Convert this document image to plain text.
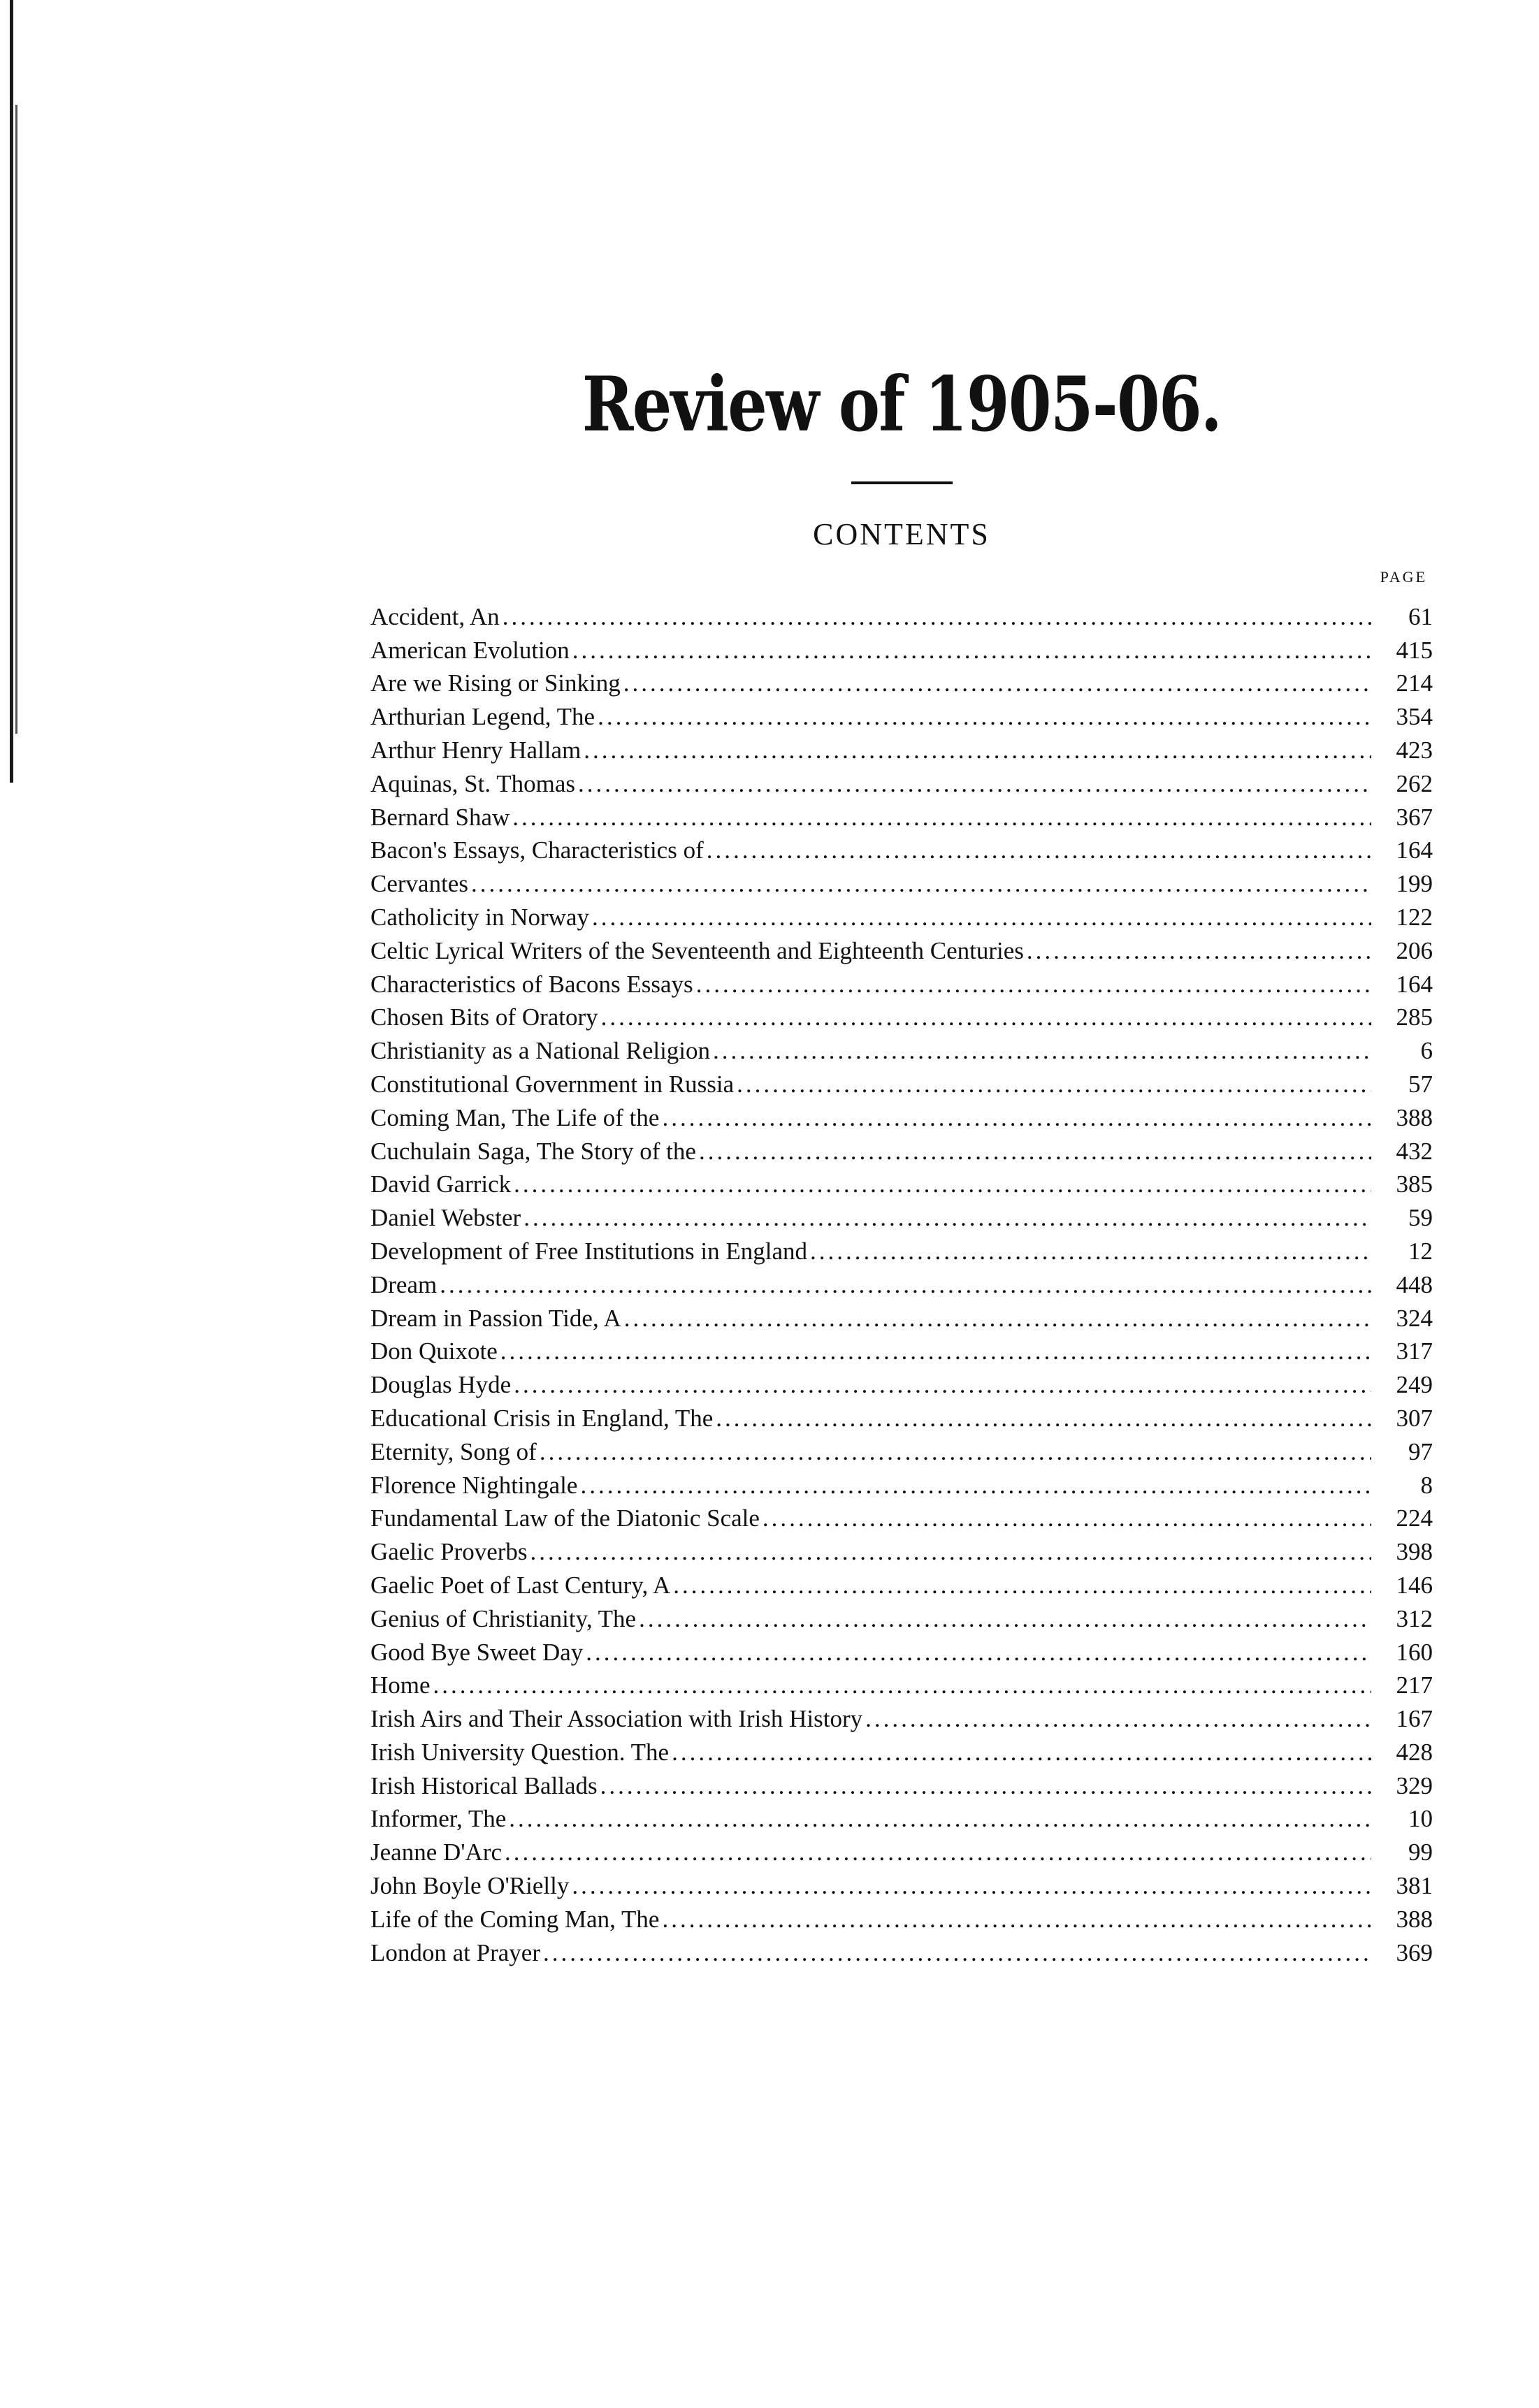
Review of 1905-06.
CONTENTS
PAGE
Accident, An .....	61
American Evolution .....	415
Are we Rising or Sinking .....	214
Arthurian Legend, The .....	354
Arthur Henry Hallam .....	423
Aquinas, St. Thomas .....	262
Bernard Shaw .....	367
Bacon's Essays, Characteristics of .....	164
Cervantes .....	199
Catholicity in Norway .....	122
Celtic Lyrical Writers of the Seventeenth and Eighteenth Centuries .....	206
Characteristics of Bacons Essays .....	164
Chosen Bits of Oratory .....	285
Christianity as a National Religion .....	6
Constitutional Government in Russia .....	57
Coming Man, The Life of the .....	388
Cuchulain Saga, The Story of the .....	432
David Garrick .....	385
Daniel Webster .....	59
Development of Free Institutions in England .....	12
Dream .....	448
Dream in Passion Tide, A .....	324
Don Quixote .....	317
Douglas Hyde .....	249
Educational Crisis in England, The .....	307
Eternity, Song of .....	97
Florence Nightingale .....	8
Fundamental Law of the Diatonic Scale .....	224
Gaelic Proverbs .....	398
Gaelic Poet of Last Century, A .....	146
Genius of Christianity, The .....	312
Good Bye Sweet Day .....	160
Home .....	217
Irish Airs and Their Association with Irish History .....	167
Irish University Question. The .....	428
Irish Historical Ballads .....	329
Informer, The .....	10
Jeanne D'Arc .....	99
John Boyle O'Rielly .....	381
Life of the Coming Man, The .....	388
London at Prayer .....	369
